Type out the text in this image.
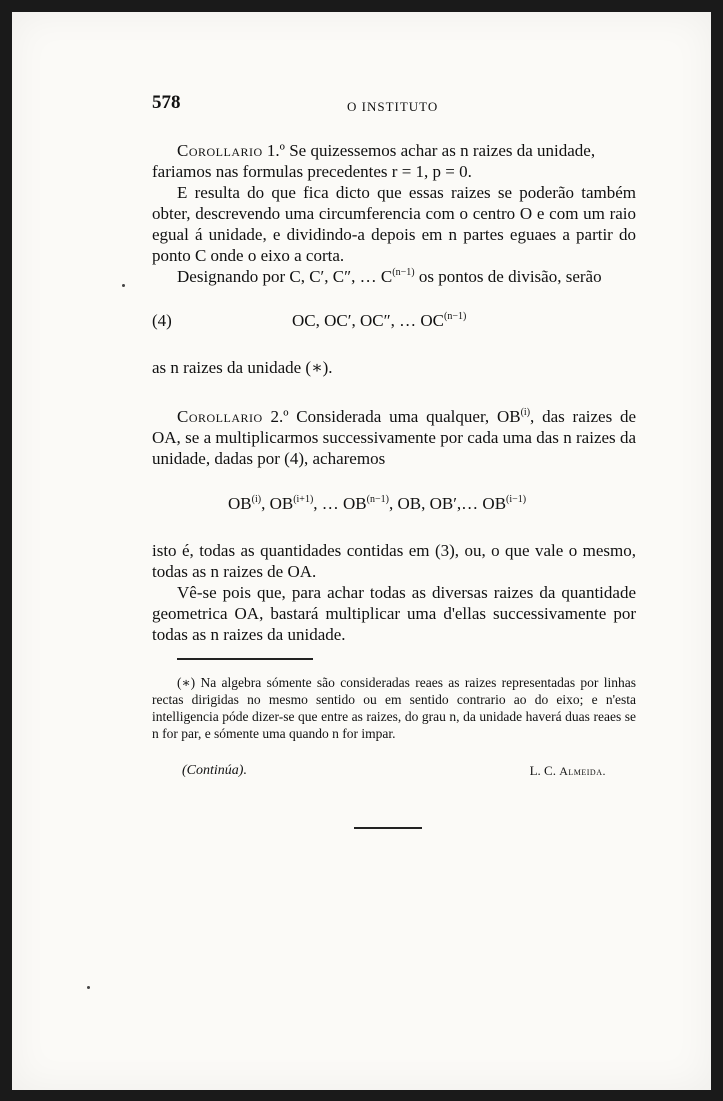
578	O INSTITUTO

Corollario 1.º Se quizessemos achar as n raizes da unidade,

fariamos nas formulas precedentes r = 1, p = 0.

E resulta do que fica dicto que essas raizes se poderão também obter, descrevendo uma circumferencia com o centro O e com um raio egual á unidade, e dividindo-a depois em n partes eguaes a partir do ponto C onde o eixo a corta.

Designando por C, C′, C″, … $C^{(n-1)}$ os pontos de divisão, serão

(4)	OC, OC′, OC″, … $OC^{(n-1)}$

as n raizes da unidade (∗).

Corollario 2.º Considerada uma qualquer, OB$^{(i)}$, das raizes de OA, se a multiplicarmos successivamente por cada uma das n raizes da unidade, dadas por (4), acharemos

OB$^{(i)}$, $OB^{(i+1)}$, … $OB^{(n-1)}$, OB, OB′,… $OB^{(i-1)}$

isto é, todas as quantidades contidas em (3), ou, o que vale o mesmo, todas as n raizes de OA.

Vê-se pois que, para achar todas as diversas raizes da quantidade geometrica OA, bastará multiplicar uma d'ellas successivamente por todas as n raizes da unidade.

(∗) Na algebra sómente são consideradas reaes as raizes representadas por linhas rectas dirigidas no mesmo sentido ou em sentido contrario ao do eixo; e n'esta intelligencia póde dizer-se que entre as raizes, do grau n, da unidade haverá duas reaes se n for par, e sómente uma quando n for impar.

(Continúa).	L. C. Almeida.
